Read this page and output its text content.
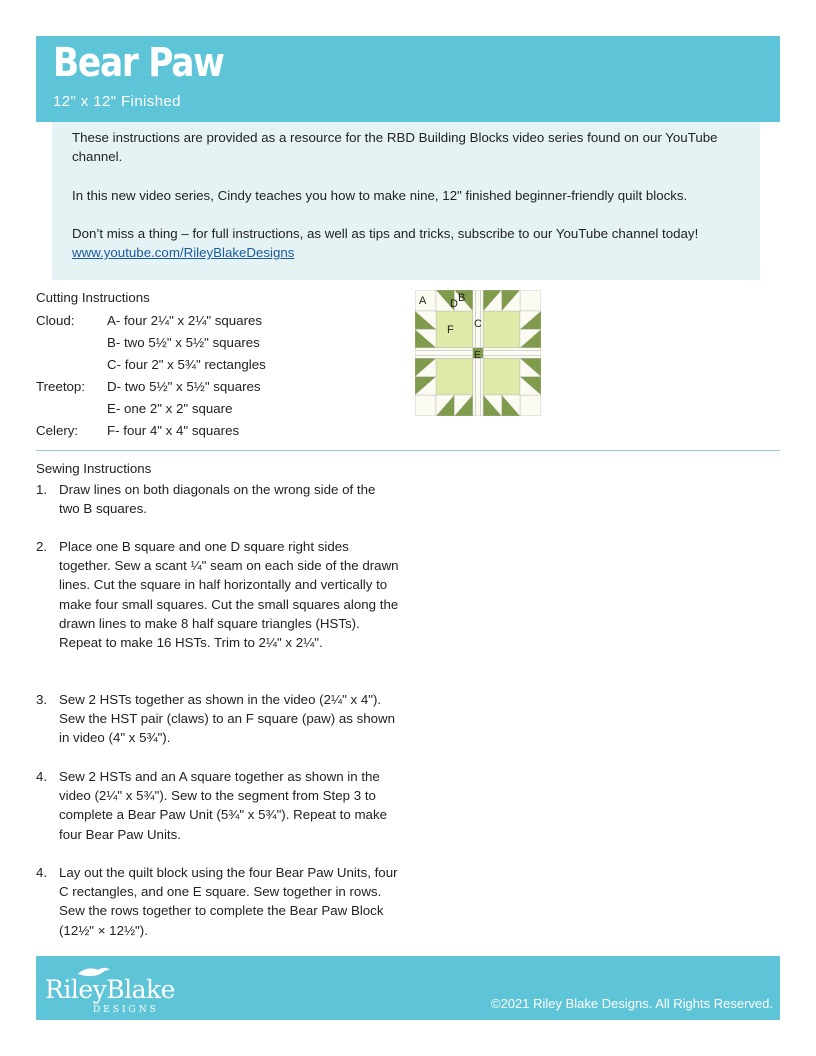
Bear Paw
12" x 12" Finished

These instructions are provided as a resource for the RBD Building Blocks video series found on our YouTube channel.

In this new video series, Cindy teaches you how to make nine, 12" finished beginner-friendly quilt blocks.

Don’t miss a thing – for full instructions, as well as tips and tricks, subscribe to our YouTube channel today! www.youtube.com/RileyBlakeDesigns

Cutting Instructions
Cloud: A- four 2¼" x 2¼" squares
B- two 5½" x 5½" squares
C- four 2" x 5¾" rectangles
Treetop: D- two 5½" x 5½" squares
E- one 2" x 2" square
Celery: F- four 4" x 4" squares
A	B
D
F C
E
Sewing Instructions
1. Draw lines on both diagonals on the wrong side of the two B squares.
2. Place one B square and one D square right sides together. Sew a scant ¼" seam on each side of the drawn lines. Cut the square in half horizontally and vertically to make four small squares. Cut the small squares along the drawn lines to make 8 half square triangles (HSTs). Repeat to make 16 HSTs. Trim to 2¼" x 2¼".
3. Sew 2 HSTs together as shown in the video (2¼" x 4"). Sew the HST pair (claws) to an F square (paw) as shown in video (4" x 5¾").
4. Sew 2 HSTs and an A square together as shown in the video (2¼" x 5¾"). Sew to the segment from Step 3 to complete a Bear Paw Unit (5¾" x 5¾"). Repeat to make four Bear Paw Units.
4. Lay out the quilt block using the four Bear Paw Units, four C rectangles, and one E square. Sew together in rows. Sew the rows together to complete the Bear Paw Block (12½" × 12½").
RileyBlake
DESIGNS	©2021 Riley Blake Designs. All Rights Reserved.
